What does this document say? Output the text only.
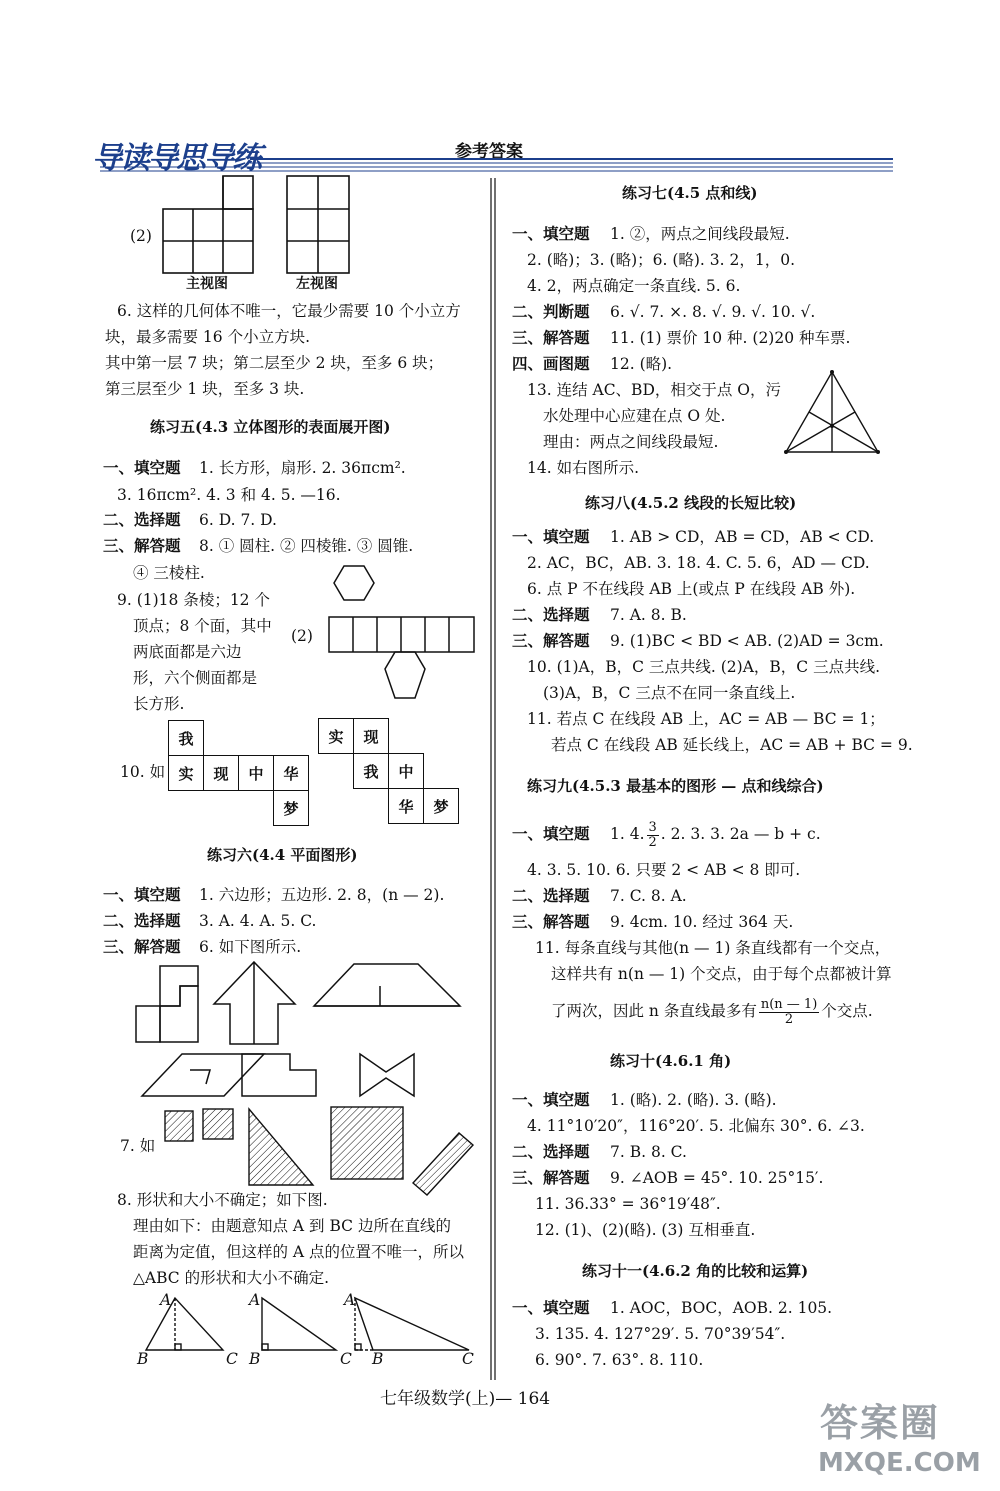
导读导思导练	参考答案
(2)
主视图	左视图
6. 这样的几何体不唯一，它最少需要 10 个小立方
块，最多需要 16 个小立方块.
其中第一层 7 块；第二层至少 2 块，至多 6 块；
第三层至少 1 块，至多 3 块.
练习五(4.3 立体图形的表面展开图)
一、填空题 1. 长方形，扇形. 2. 36πcm².
3. 16πcm². 4. 3 和 4. 5. —16.
二、选择题 6. D. 7. D.
三、解答题 8. ① 圆柱. ② 四棱锥. ③ 圆锥.
④ 三棱柱.
9. (1)18 条棱；12 个
顶点；8 个面，其中
两底面都是六边
形，六个侧面都是
长方形.
(2)
10. 如
我
实	现	中	华
梦
实	现
我	中
华	梦
练习六(4.4 平面图形)
一、填空题 1. 六边形；五边形. 2. 8，(n — 2).
二、选择题 3. A. 4. A. 5. C.
三、解答题 6. 如下图所示.
7. 如
8. 形状和大小不确定；如下图.
理由如下：由题意知点 A 到 BC 边所在直线的
距离为定值，但这样的 A 点的位置不唯一，所以
△ABC 的形状和大小不确定.
A
B	C
A
B	C
A
B	C
练习七(4.5 点和线)
一、填空题 1. ②，两点之间线段最短.
2. (略)；3. (略)；6. (略). 3. 2，1，0.
4. 2，两点确定一条直线. 5. 6.
二、判断题 6. √. 7. ×. 8. √. 9. √. 10. √.
三、解答题 11. (1) 票价 10 种. (2)20 种车票.
四、画图题 12. (略).
13. 连结 AC、BD，相交于点 O，污
水处理中心应建在点 O 处.
理由：两点之间线段最短.
14. 如右图所示.
练习八(4.5.2 线段的长短比较)
一、填空题 1. AB > CD，AB = CD，AB < CD.
2. AC，BC，AB. 3. 18. 4. C. 5. 6，AD — CD.
6. 点 P 不在线段 AB 上(或点 P 在线段 AB 外).
二、选择题 7. A. 8. B.
三、解答题 9. (1)BC < BD < AB. (2)AD = 3cm.
10. (1)A，B，C 三点共线. (2)A，B，C 三点共线.
(3)A，B，C 三点不在同一条直线上.
11. 若点 C 在线段 AB 上，AC = AB — BC = 1；
若点 C 在线段 AB 延长线上，AC = AB + BC = 9.
练习九(4.5.3 最基本的图形 — 点和线综合)
一、填空题 1. 4. $\frac{3}{2}$ . 2. 3. 3. 2a — b + c.
4. 3. 5. 10. 6. 只要 2 < AB < 8 即可.
二、选择题 7. C. 8. A.
三、解答题 9. 4cm. 10. 经过 364 天.
11. 每条直线与其他(n — 1) 条直线都有一个交点，
这样共有 n(n — 1) 个交点，由于每个点都被计算
了两次，因此 n 条直线最多有 $\frac{n(n — 1)}{2}$ 个交点.
练习十(4.6.1 角)
一、填空题 1. (略). 2. (略). 3. (略).
4. 11°10′20″，116°20′. 5. 北偏东 30°. 6. ∠3.
二、选择题 7. B. 8. C.
三、解答题 9. ∠AOB = 45°. 10. 25°15′.
11. 36.33° = 36°19′48″.
12. (1)、(2)(略). (3) 互相垂直.
练习十一(4.6.2 角的比较和运算)
一、填空题 1. AOC，BOC，AOB. 2. 105.
3. 135. 4. 127°29′. 5. 70°39′54″.
6. 90°. 7. 63°. 8. 110.
七年级数学(上)— 164
答案圈
MXQE.COM
